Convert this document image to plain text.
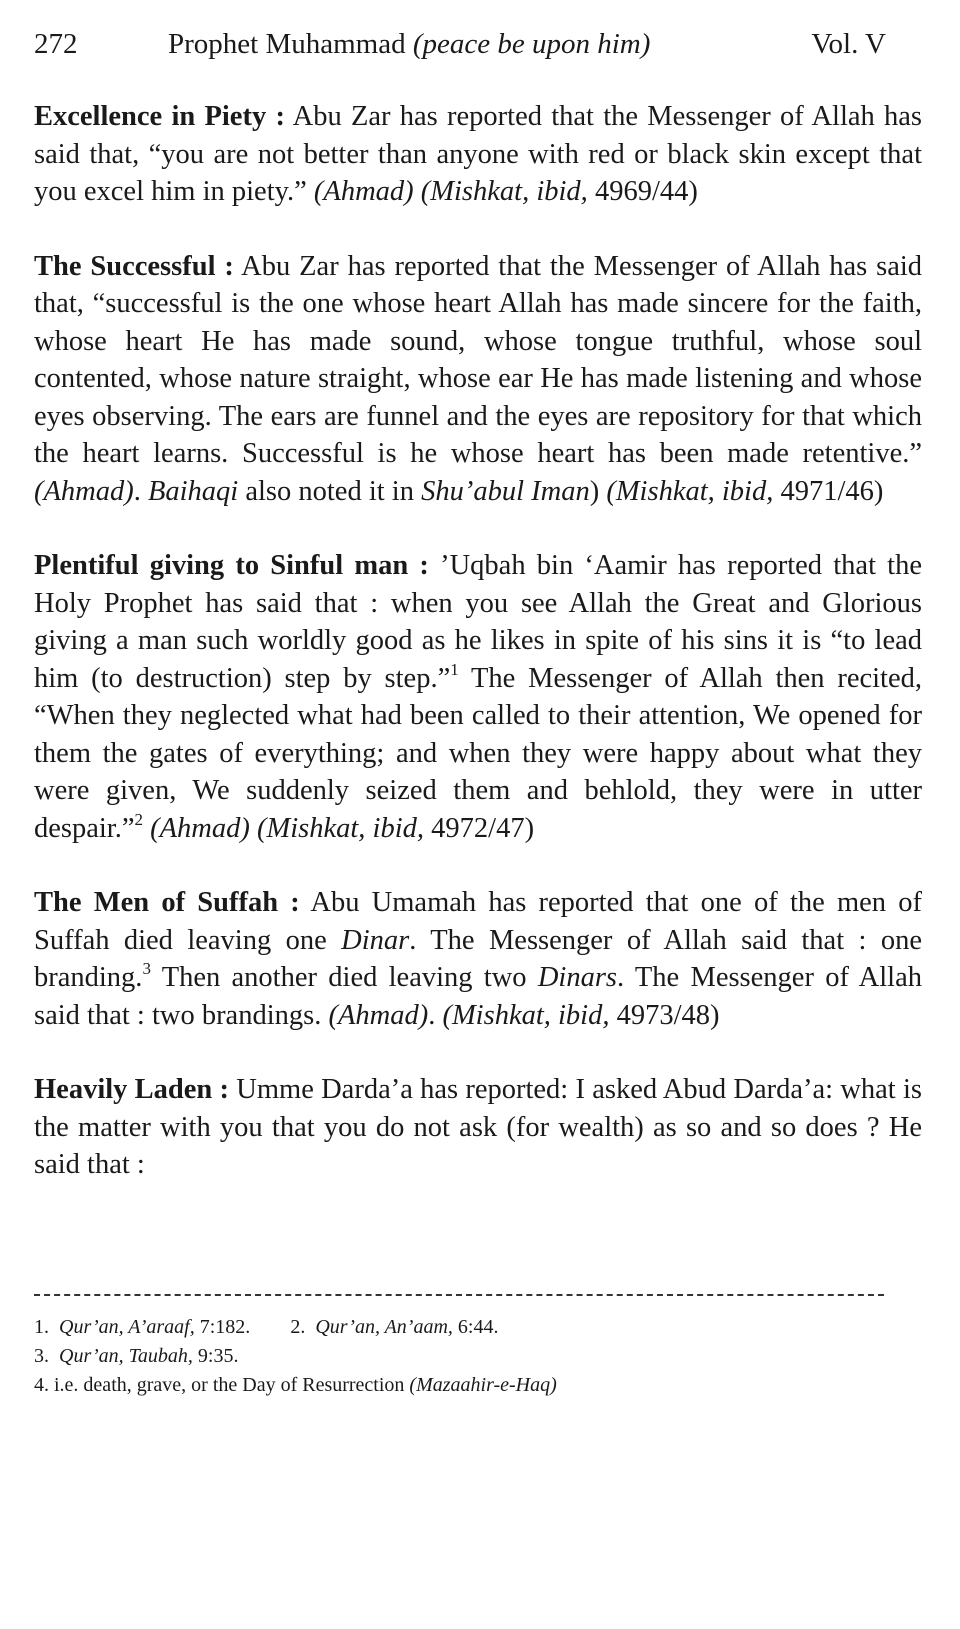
272	Prophet Muhammad (peace be upon him)	Vol. V

Excellence in Piety : Abu Zar has reported that the Messenger of Allah has said that, “you are not better than anyone with red or black skin except that you excel him in piety.” (Ahmad) (Mishkat, ibid, 4969/44)

The Successful : Abu Zar has reported that the Messenger of Allah has said that, “successful is the one whose heart Allah has made sincere for the faith, whose heart He has made sound, whose tongue truthful, whose soul contented, whose nature straight, whose ear He has made listening and whose eyes observing. The ears are funnel and the eyes are repository for that which the heart learns. Successful is he whose heart has been made retentive.” (Ahmad). Baihaqi also noted it in Shu’abul Iman) (Mishkat, ibid, 4971/46)

Plentiful giving to Sinful man : ’Uqbah bin ‘Aamir has reported that the Holy Prophet has said that : when you see Allah the Great and Glorious giving a man such worldly good as he likes in spite of his sins it is “to lead him (to destruction) step by step.”$^1$ The Messenger of Allah then recited, “When they neglected what had been called to their attention, We opened for them the gates of everything; and when they were happy about what they were given, We suddenly seized them and behlold, they were in utter despair.”$^2$ (Ahmad) (Mishkat, ibid, 4972/47)

The Men of Suffah : Abu Umamah has reported that one of the men of Suffah died leaving one Dinar. The Messenger of Allah said that : one branding.$^3$ Then another died leaving two Dinars. The Messenger of Allah said that : two brandings. (Ahmad). (Mishkat, ibid, 4973/48)

Heavily Laden : Umme Darda’a has reported: I asked Abud Darda’a: what is the matter with you that you do not ask (for wealth) as so and so does ? He said that :

1. Qur’an, A’araaf, 7:182. 2. Qur’an, An’aam, 6:44.
3. Qur’an, Taubah, 9:35.
4. i.e. death, grave, or the Day of Resurrection (Mazaahir-e-Haq)
